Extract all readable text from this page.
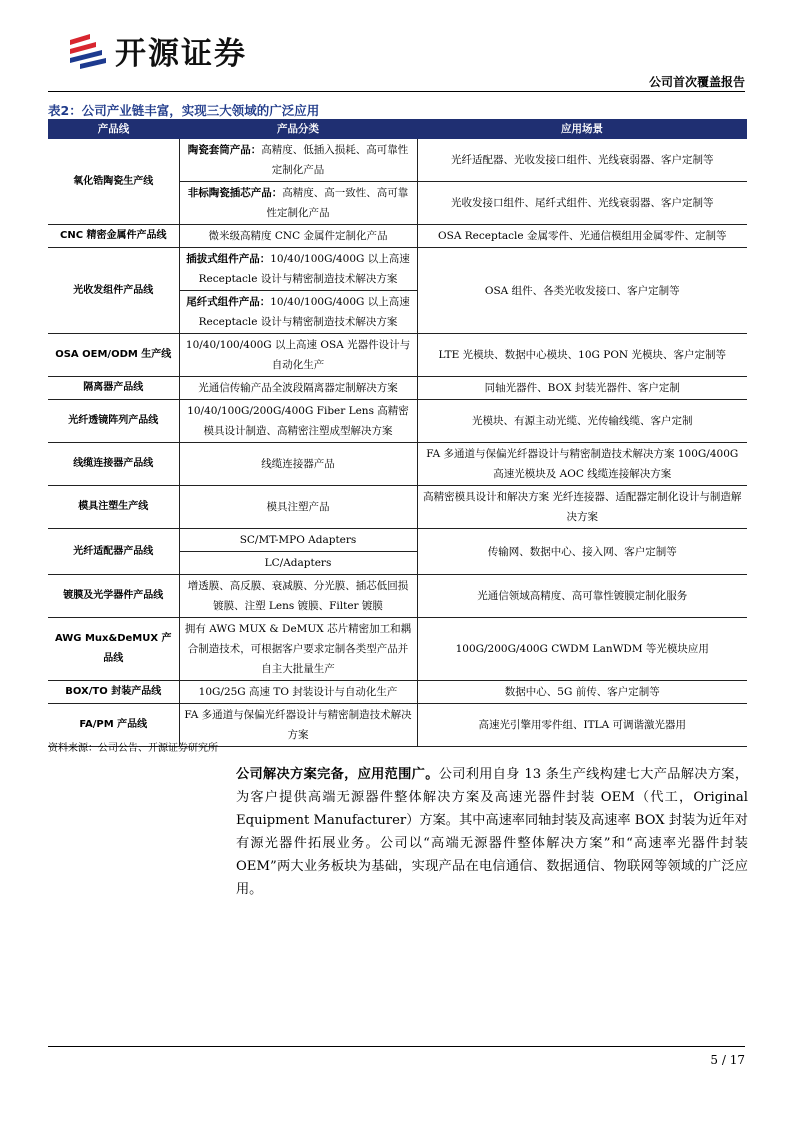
开源证券
公司首次覆盖报告
表2：公司产业链丰富，实现三大领域的广泛应用
产品线	产品分类	应用场景
氧化锆陶瓷生产线	陶瓷套筒产品：高精度、低插入损耗、高可靠性定制化产品	光纤适配器、光收发接口组件、光线衰弱器、客户定制等
	非标陶瓷插芯产品：高精度、高一致性、高可靠性定制化产品	光收发接口组件、尾纤式组件、光线衰弱器、客户定制等
CNC 精密金属件产品线	微米级高精度 CNC 金属件定制化产品	OSA Receptacle 金属零件、光通信模组用金属零件、定制等
光收发组件产品线	插拔式组件产品：10/40/100G/400G 以上高速 Receptacle 设计与精密制造技术解决方案	OSA 组件、各类光收发接口、客户定制等
	尾纤式组件产品：10/40/100G/400G 以上高速 Receptacle 设计与精密制造技术解决方案	
OSA OEM/ODM 生产线	10/40/100/400G 以上高速 OSA 光器件设计与自动化生产	LTE 光模块、数据中心模块、10G PON 光模块、客户定制等
隔离器产品线	光通信传输产品全波段隔离器定制解决方案	同轴光器件、BOX 封装光器件、客户定制
光纤透镜阵列产品线	10/40/100G/200G/400G Fiber Lens 高精密模具设计制造、高精密注塑成型解决方案	光模块、有源主动光缆、光传输线缆、客户定制
线缆连接器产品线	线缆连接器产品	FA 多通道与保偏光纤器设计与精密制造技术解决方案 100G/400G 高速光模块及 AOC 线缆连接解决方案
模具注塑生产线	模具注塑产品	高精密模具设计和解决方案 光纤连接器、适配器定制化设计与制造解决方案
光纤适配器产品线	SC/MT-MPO Adapters	传输网、数据中心、接入网、客户定制等
	LC/Adapters	
镀膜及光学器件产品线	增透膜、高反膜、衰减膜、分光膜、插芯低回损镀膜、注塑 Lens 镀膜、Filter 镀膜	光通信领域高精度、高可靠性镀膜定制化服务
AWG Mux&DeMUX 产品线	拥有 AWG MUX & DeMUX 芯片精密加工和耦合制造技术，可根据客户要求定制各类型产品并自主大批量生产	100G/200G/400G CWDM LanWDM 等光模块应用
BOX/TO 封装产品线	10G/25G 高速 TO 封装设计与自动化生产	数据中心、5G 前传、客户定制等
FA/PM 产品线	FA 多通道与保偏光纤器设计与精密制造技术解决方案	高速光引擎用零件组、ITLA 可调谐激光器用
资料来源：公司公告、开源证券研究所
公司解决方案完备，应用范围广。公司利用自身 13 条生产线构建七大产品解决方案，为客户提供高端无源器件整体解决方案及高速光器件封装 OEM（代工，Original Equipment Manufacturer）方案。其中高速率同轴封装及高速率 BOX 封装为近年对有源光器件拓展业务。公司以“高端无源器件整体解决方案”和“高速率光器件封装 OEM”两大业务板块为基础，实现产品在电信通信、数据通信、物联网等领域的广泛应用。
5 / 17
